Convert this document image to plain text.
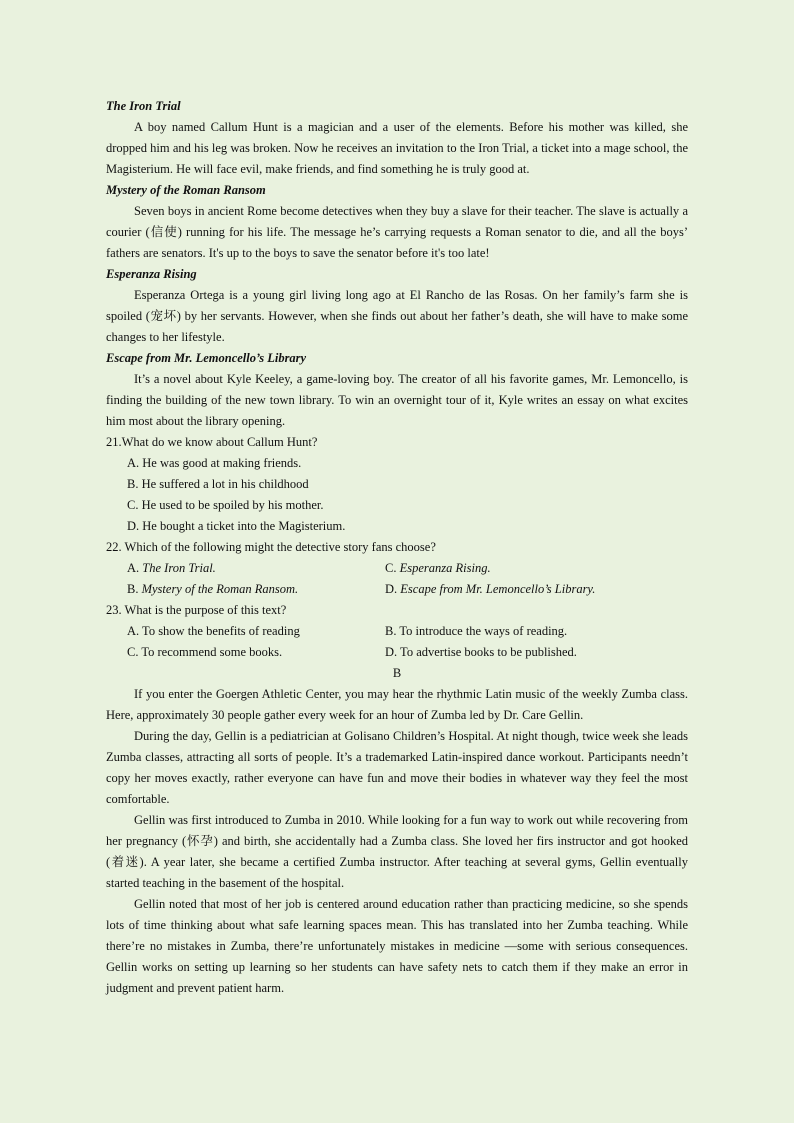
The Iron Trial

A boy named Callum Hunt is a magician and a user of the elements. Before his mother was killed, she dropped him and his leg was broken. Now he receives an invitation to the Iron Trial, a ticket into a mage school, the Magisterium. He will face evil, make friends, and find something he is truly good at.

Mystery of the Roman Ransom

Seven boys in ancient Rome become detectives when they buy a slave for their teacher. The slave is actually a courier (信使) running for his life. The message he’s carrying requests a Roman senator to die, and all the boys’ fathers are senators. It's up to the boys to save the senator before it's too late!

Esperanza Rising

Esperanza Ortega is a young girl living long ago at El Rancho de las Rosas. On her family’s farm she is spoiled (宠坏) by her servants. However, when she finds out about her father’s death, she will have to make some changes to her lifestyle.

Escape from Mr. Lemoncello’s Library

It’s a novel about Kyle Keeley, a game-loving boy. The creator of all his favorite games, Mr. Lemoncello, is finding the building of the new town library. To win an overnight tour of it, Kyle writes an essay on what excites him most about the library opening.

21.What do we know about Callum Hunt?
A. He was good at making friends.
B. He suffered a lot in his childhood
C. He used to be spoiled by his mother.
D. He bought a ticket into the Magisterium.
22. Which of the following might the detective story fans choose?
A. The Iron Trial.	C. Esperanza Rising.
B. Mystery of the Roman Ransom.	D. Escape from Mr. Lemoncello’s Library.
23. What is the purpose of this text?
A. To show the benefits of reading	B. To introduce the ways of reading.
C. To recommend some books.	D. To advertise books to be published.
B

If you enter the Goergen Athletic Center, you may hear the rhythmic Latin music of the weekly Zumba class. Here, approximately 30 people gather every week for an hour of Zumba led by Dr. Care Gellin.

During the day, Gellin is a pediatrician at Golisano Children’s Hospital. At night though, twice week she leads Zumba classes, attracting all sorts of people. It’s a trademarked Latin-inspired dance workout. Participants needn’t copy her moves exactly, rather everyone can have fun and move their bodies in whatever way they feel the most comfortable.

Gellin was first introduced to Zumba in 2010. While looking for a fun way to work out while recovering from her pregnancy (怀孕) and birth, she accidentally had a Zumba class. She loved her firs instructor and got hooked (着迷). A year later, she became a certified Zumba instructor. After teaching at several gyms, Gellin eventually started teaching in the basement of the hospital.

Gellin noted that most of her job is centered around education rather than practicing medicine, so she spends lots of time thinking about what safe learning spaces mean. This has translated into her Zumba teaching. While there’re no mistakes in Zumba, there’re unfortunately mistakes in medicine —some with serious consequences. Gellin works on setting up learning so her students can have safety nets to catch them if they make an error in judgment and prevent patient harm.
